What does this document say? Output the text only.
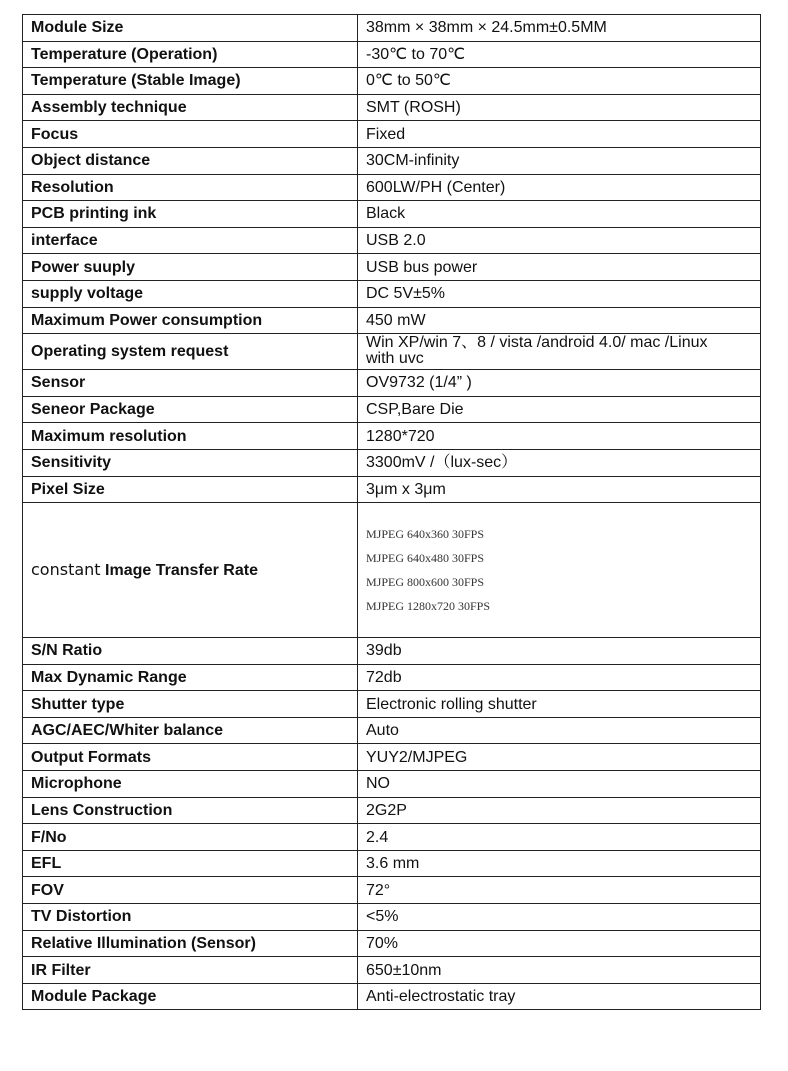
Module Size	38mm × 38mm × 24.5mm±0.5MM
Temperature (Operation)	-30℃ to 70℃
Temperature (Stable Image)	0℃ to 50℃
Assembly technique	SMT (ROSH)
Focus	Fixed
Object distance	30CM-infinity
Resolution	600LW/PH (Center)
PCB printing ink	Black
interface	USB 2.0
Power suuply	USB bus power
supply voltage	DC 5V±5%
Maximum Power consumption	450 mW
Operating system request	Win XP/win 7、8 / vista /android 4.0/ mac /Linux
with uvc

Sensor	OV9732 (1/4” )
Seneor Package	CSP,Bare Die
Maximum resolution	1280*720
Sensitivity	3300mV /（lux-sec）
Pixel Size	3μm x 3μm
constant Image Transfer Rate	MJPEG 640x360 30FPS
MJPEG 640x480 30FPS
MJPEG 800x600 30FPS
MJPEG 1280x720 30FPS

S/N Ratio	39db
Max Dynamic Range	72db
Shutter type	Electronic rolling shutter
AGC/AEC/Whiter balance	Auto
Output Formats	YUY2/MJPEG
Microphone	NO
Lens Construction	2G2P
F/No	2.4
EFL	3.6 mm
FOV	72°
TV Distortion	<5%
Relative Illumination (Sensor)	70%
IR Filter	650±10nm
Module Package	Anti-electrostatic tray
